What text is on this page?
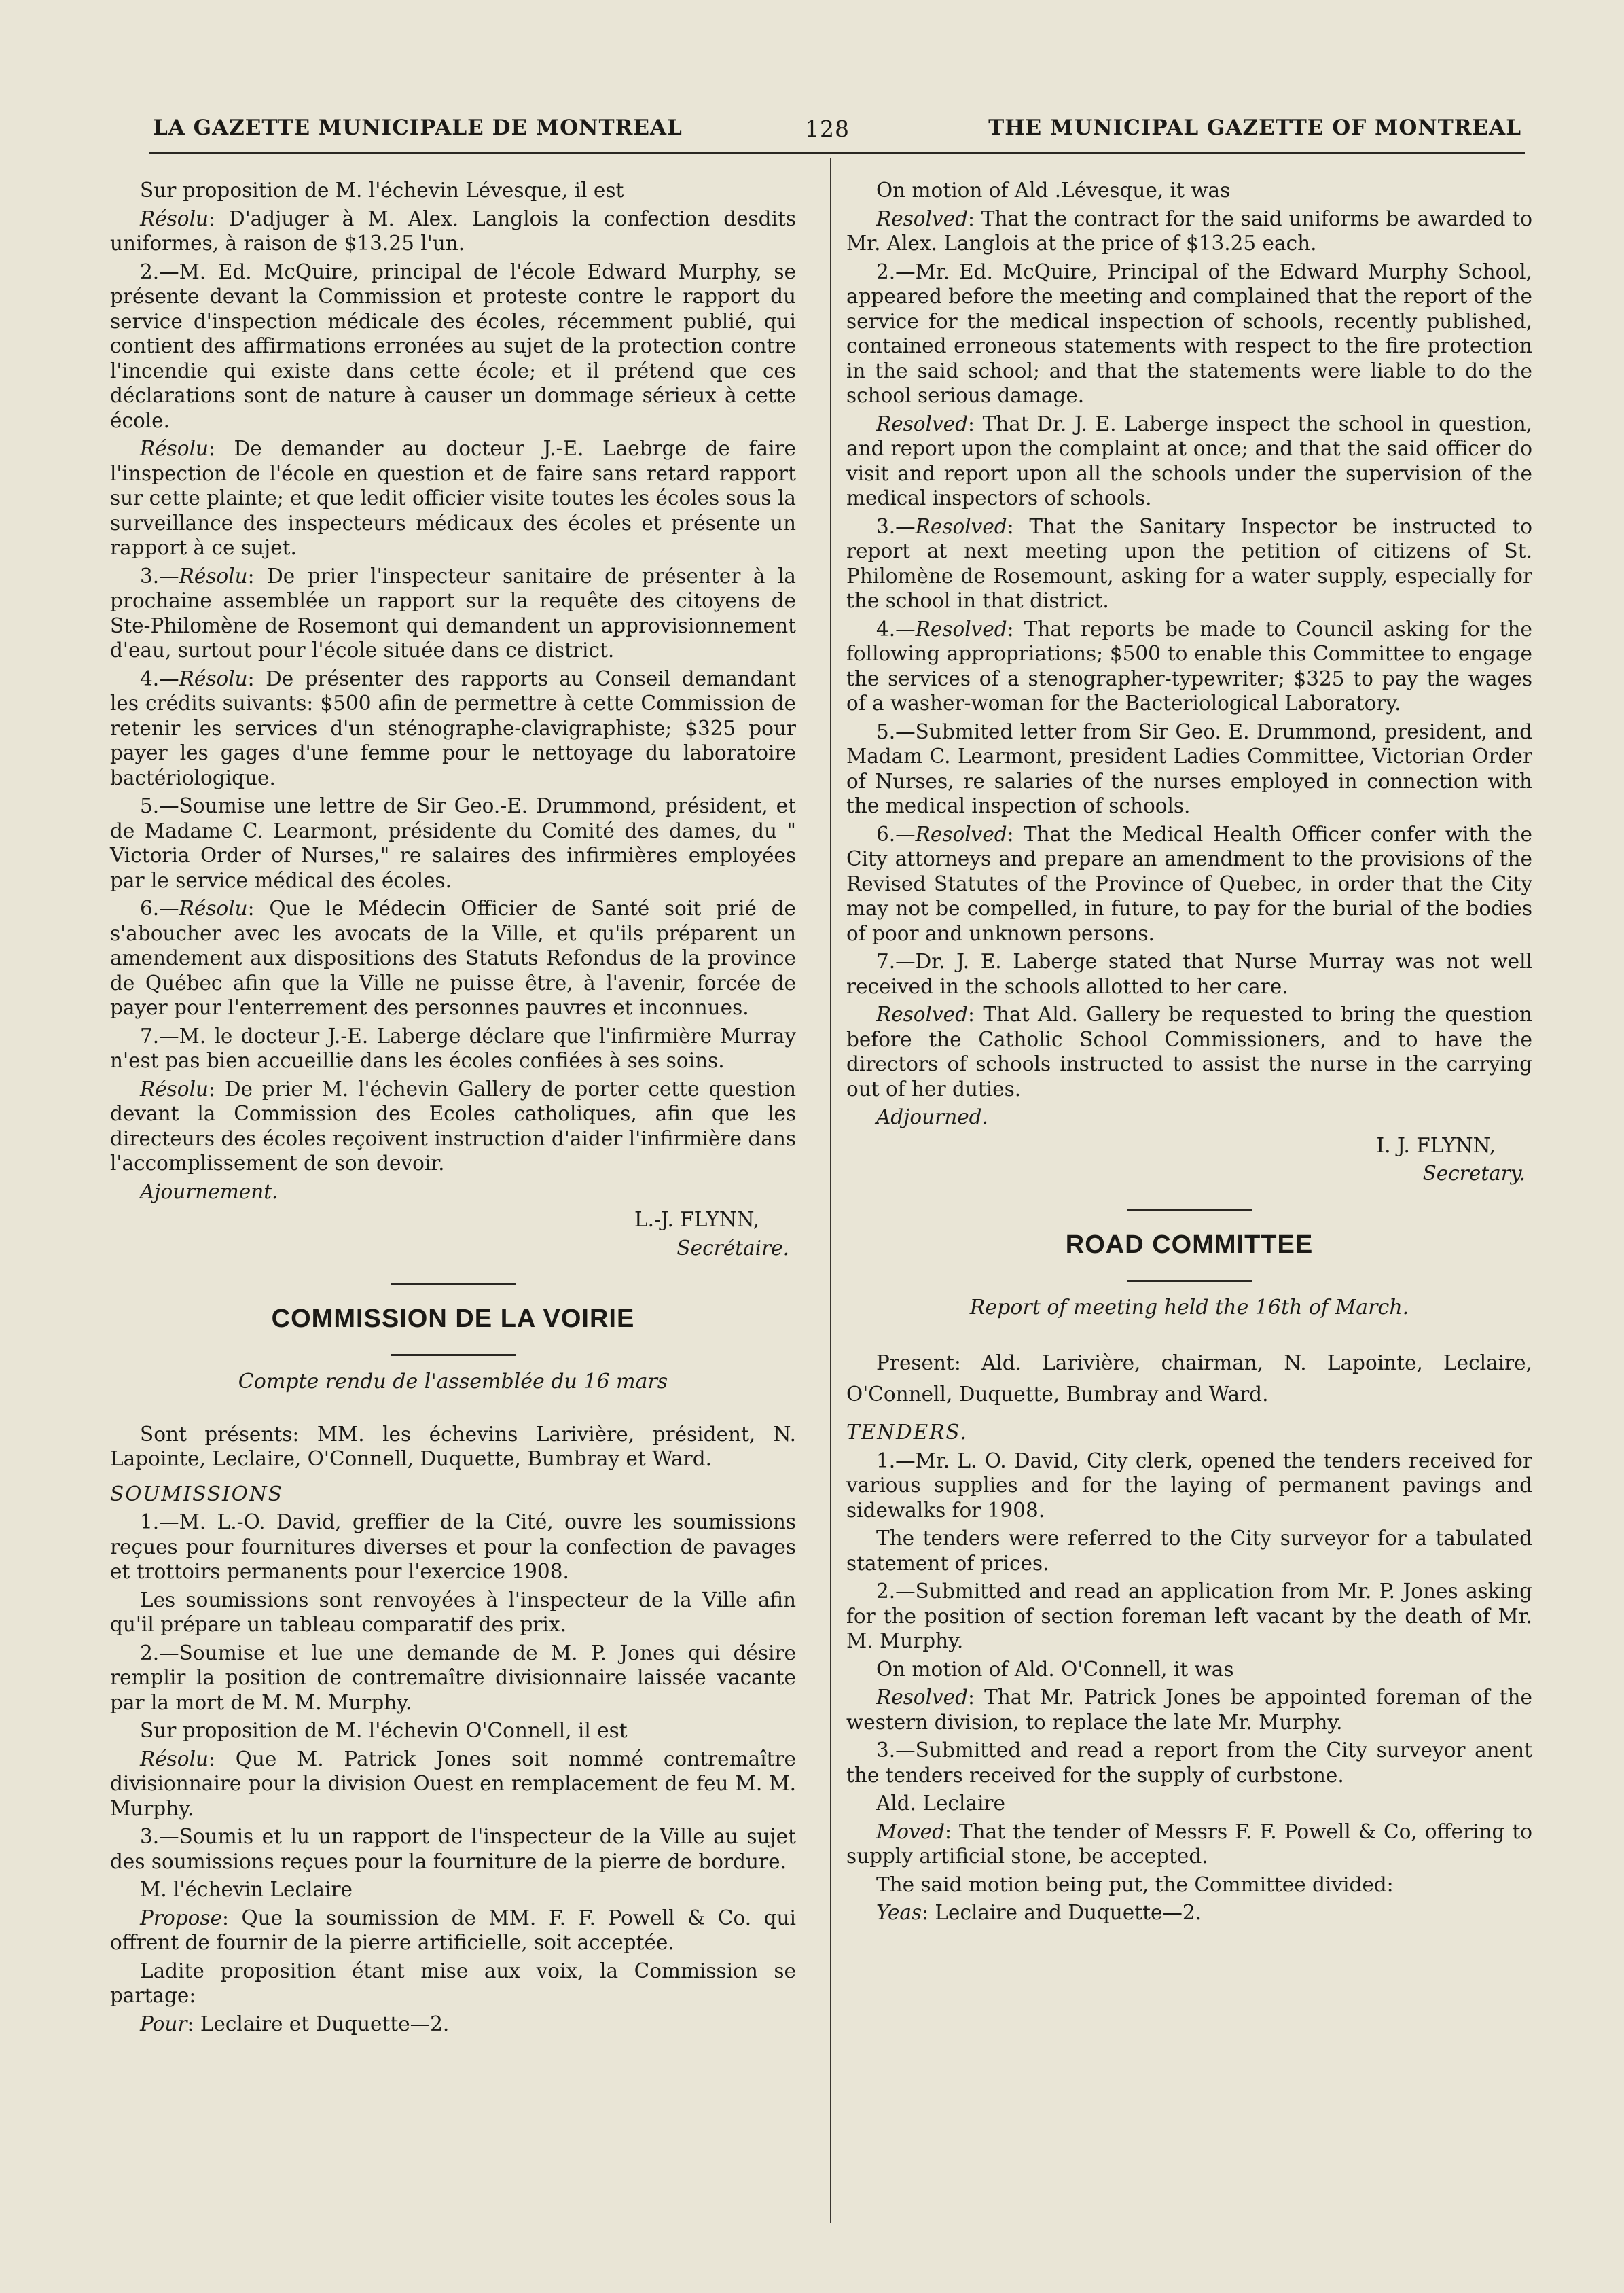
LA GAZETTE MUNICIPALE DE MONTREAL	128	THE MUNICIPAL GAZETTE OF MONTREAL

Sur proposition de M. l'échevin Lévesque, il est

Résolu: D'adjuger à M. Alex. Langlois la confection desdits uniformes, à raison de $13.25 l'un.

2.—M. Ed. McQuire, principal de l'école Edward Murphy, se présente devant la Commission et proteste contre le rapport du service d'inspection médicale des écoles, récemment publié, qui contient des affirmations erronées au sujet de la protection contre l'incendie qui existe dans cette école; et il prétend que ces déclarations sont de nature à causer un dommage sérieux à cette école.

Résolu: De demander au docteur J.-E. Laebrge de faire l'inspection de l'école en question et de faire sans retard rapport sur cette plainte; et que ledit officier visite toutes les écoles sous la surveillance des inspecteurs médicaux des écoles et présente un rapport à ce sujet.

3.—Résolu: De prier l'inspecteur sanitaire de présenter à la prochaine assemblée un rapport sur la requête des citoyens de Ste-Philomène de Rosemont qui demandent un approvisionnement d'eau, surtout pour l'école située dans ce district.

4.—Résolu: De présenter des rapports au Conseil demandant les crédits suivants: $500 afin de permettre à cette Commission de retenir les services d'un sténographe-clavigraphiste; $325 pour payer les gages d'une femme pour le nettoyage du laboratoire bactériologique.

5.—Soumise une lettre de Sir Geo.-E. Drummond, président, et de Madame C. Learmont, présidente du Comité des dames, du " Victoria Order of Nurses," re salaires des infirmières employées par le service médical des écoles.

6.—Résolu: Que le Médecin Officier de Santé soit prié de s'aboucher avec les avocats de la Ville, et qu'ils préparent un amendement aux dispositions des Statuts Refondus de la province de Québec afin que la Ville ne puisse être, à l'avenir, forcée de payer pour l'enterrement des personnes pauvres et inconnues.

7.—M. le docteur J.-E. Laberge déclare que l'infirmière Murray n'est pas bien accueillie dans les écoles confiées à ses soins.

Résolu: De prier M. l'échevin Gallery de porter cette question devant la Commission des Ecoles catholiques, afin que les directeurs des écoles reçoivent instruction d'aider l'infirmière dans l'accomplissement de son devoir.

Ajournement.

L.-J. FLYNN,

Secrétaire.

COMMISSION DE LA VOIRIE
Compte rendu de l'assemblée du 16 mars

Sont présents: MM. les échevins Larivière, président, N. Lapointe, Leclaire, O'Connell, Duquette, Bumbray et Ward.

SOUMISSIONS

1.—M. L.-O. David, greffier de la Cité, ouvre les soumissions reçues pour fournitures diverses et pour la confection de pavages et trottoirs permanents pour l'exercice 1908.

Les soumissions sont renvoyées à l'inspecteur de la Ville afin qu'il prépare un tableau comparatif des prix.

2.—Soumise et lue une demande de M. P. Jones qui désire remplir la position de contremaître divisionnaire laissée vacante par la mort de M. M. Murphy.

Sur proposition de M. l'échevin O'Connell, il est

Résolu: Que M. Patrick Jones soit nommé contremaître divisionnaire pour la division Ouest en remplacement de feu M. M. Murphy.

3.—Soumis et lu un rapport de l'inspecteur de la Ville au sujet des soumissions reçues pour la fourniture de la pierre de bordure.

M. l'échevin Leclaire

Propose: Que la soumission de MM. F. F. Powell & Co. qui offrent de fournir de la pierre artificielle, soit acceptée.

Ladite proposition étant mise aux voix, la Commission se partage:

Pour: Leclaire et Duquette—2.

On motion of Ald .Lévesque, it was

Resolved: That the contract for the said uniforms be awarded to Mr. Alex. Langlois at the price of $13.25 each.

2.—Mr. Ed. McQuire, Principal of the Edward Murphy School, appeared before the meeting and complained that the report of the service for the medical inspection of schools, recently published, contained erroneous statements with respect to the fire protection in the said school; and that the statements were liable to do the school serious damage.

Resolved: That Dr. J. E. Laberge inspect the school in question, and report upon the complaint at once; and that the said officer do visit and report upon all the schools under the supervision of the medical inspectors of schools.

3.—Resolved: That the Sanitary Inspector be instructed to report at next meeting upon the petition of citizens of St. Philomène de Rosemount, asking for a water supply, especially for the school in that district.

4.—Resolved: That reports be made to Council asking for the following appropriations; $500 to enable this Committee to engage the services of a stenographer-typewriter; $325 to pay the wages of a washer-woman for the Bacteriological Laboratory.

5.—Submited letter from Sir Geo. E. Drummond, president, and Madam C. Learmont, president Ladies Committee, Victorian Order of Nurses, re salaries of the nurses employed in connection with the medical inspection of schools.

6.—Resolved: That the Medical Health Officer confer with the City attorneys and prepare an amendment to the provisions of the Revised Statutes of the Province of Quebec, in order that the City may not be compelled, in future, to pay for the burial of the bodies of poor and unknown persons.

7.—Dr. J. E. Laberge stated that Nurse Murray was not well received in the schools allotted to her care.

Resolved: That Ald. Gallery be requested to bring the question before the Catholic School Commissioners, and to have the directors of schools instructed to assist the nurse in the carrying out of her duties.

Adjourned.

I. J. FLYNN,

Secretary.

ROAD COMMITTEE
Report of meeting held the 16th of March.

Present: Ald. Larivière, chairman, N. Lapointe, Leclaire, O'Connell, Duquette, Bumbray and Ward.

TENDERS.

1.—Mr. L. O. David, City clerk, opened the tenders received for various supplies and for the laying of permanent pavings and sidewalks for 1908.

The tenders were referred to the City surveyor for a tabulated statement of prices.

2.—Submitted and read an application from Mr. P. Jones asking for the position of section foreman left vacant by the death of Mr. M. Murphy.

On motion of Ald. O'Connell, it was

Resolved: That Mr. Patrick Jones be appointed foreman of the western division, to replace the late Mr. Murphy.

3.—Submitted and read a report from the City surveyor anent the tenders received for the supply of curbstone.

Ald. Leclaire

Moved: That the tender of Messrs F. F. Powell & Co, offering to supply artificial stone, be accepted.

The said motion being put, the Committee divided:

Yeas: Leclaire and Duquette—2.
